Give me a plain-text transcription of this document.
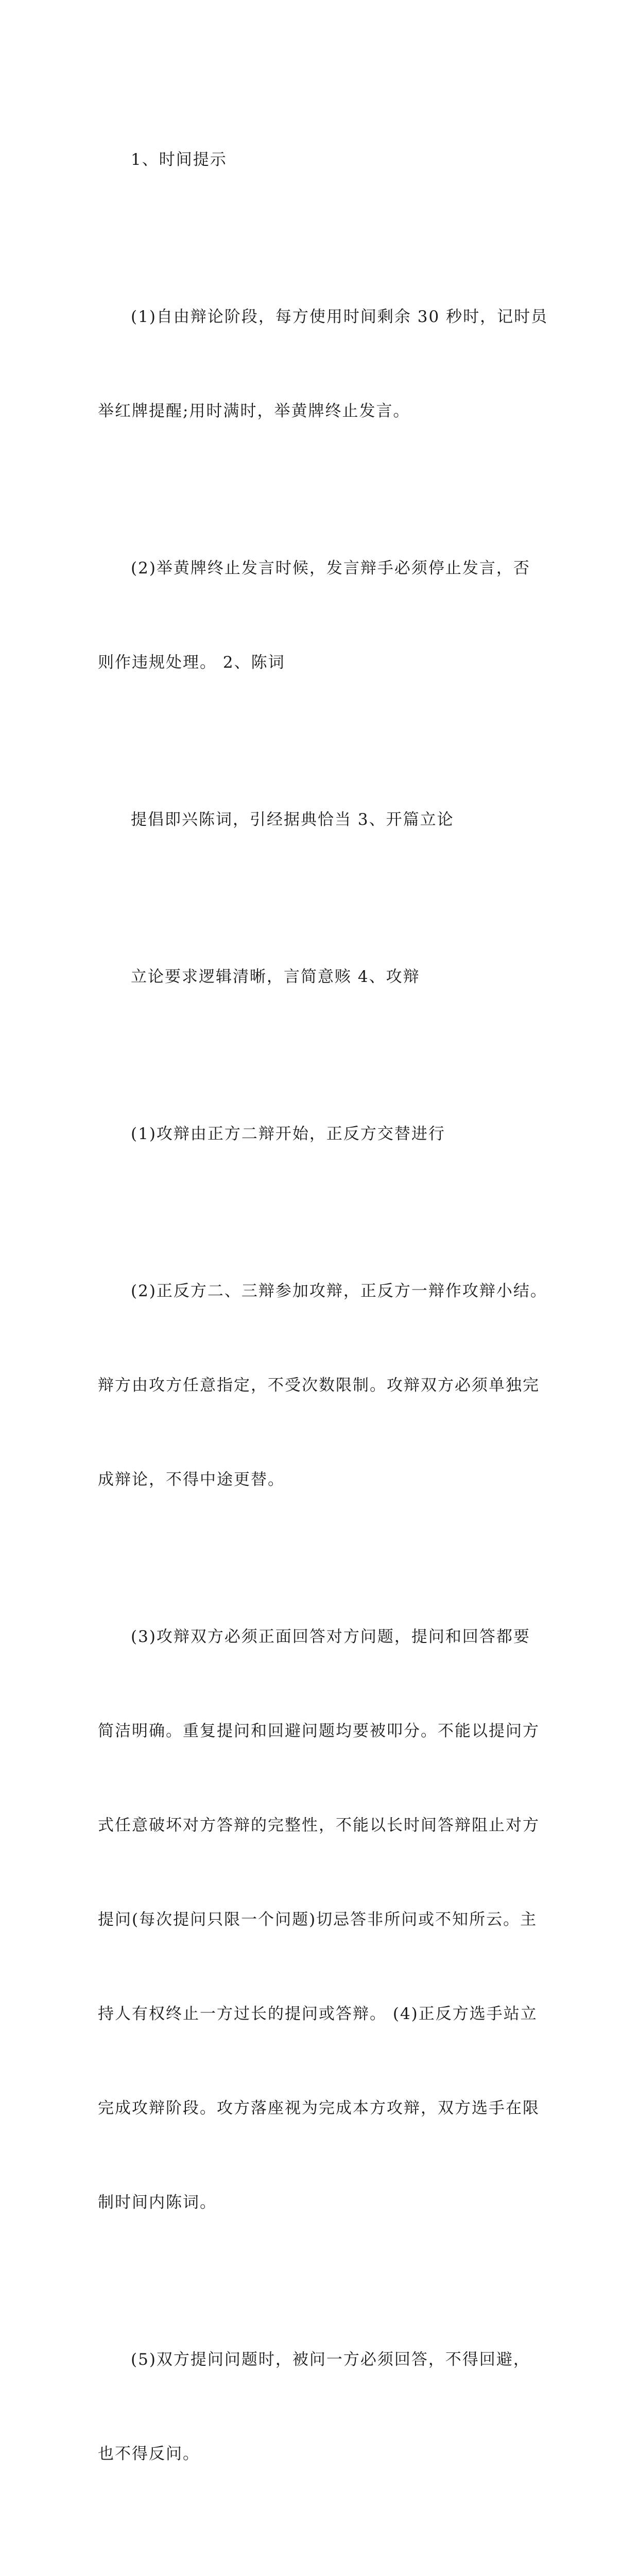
1、时间提示

(1)自由辩论阶段，每方使用时间剩余 30 秒时，记时员

举红牌提醒;用时满时，举黄牌终止发言。

(2)举黄牌终止发言时候，发言辩手必须停止发言，否

则作违规处理。 2、陈词

提倡即兴陈词，引经据典恰当 3、开篇立论

立论要求逻辑清晰，言简意赅 4、攻辩

(1)攻辩由正方二辩开始，正反方交替进行

(2)正反方二、三辩参加攻辩，正反方一辩作攻辩小结。

辩方由攻方任意指定，不受次数限制。攻辩双方必须单独完

成辩论，不得中途更替。

(3)攻辩双方必须正面回答对方问题，提问和回答都要

简洁明确。重复提问和回避问题均要被叩分。不能以提问方

式任意破坏对方答辩的完整性，不能以长时间答辩阻止对方

提问(每次提问只限一个问题)切忌答非所问或不知所云。主

持人有权终止一方过长的提问或答辩。 (4)正反方选手站立

完成攻辩阶段。攻方落座视为完成本方攻辩，双方选手在限

制时间内陈词。

(5)双方提问问题时，被问一方必须回答，不得回避，

也不得反问。
